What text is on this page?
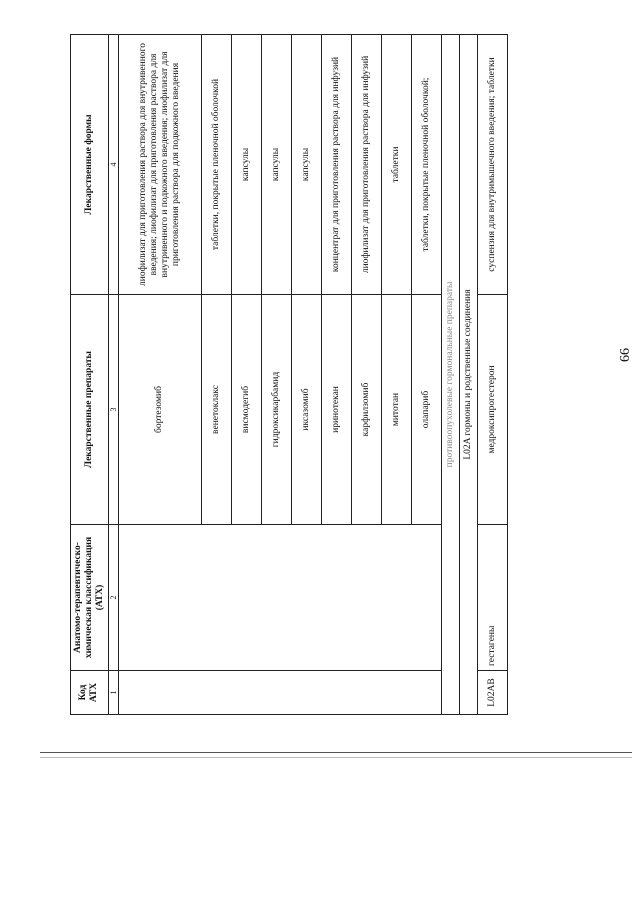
66
Код АТХ	Анатомо-терапевтическо-химическая классификация (АТХ)	Лекарственные препараты	Лекарственные формы
1	2	3	4
		бортезомиб	лиофилизат для приготовления раствора для внутривенного введения; лиофилизат для приготовления раствора для внутривенного и подкожного введения; лиофилизат для приготовления раствора для подкожного введения
		венетоклакс	таблетки, покрытые пленочной оболочкой
		висмодегиб	капсулы
		гидроксикарбамид	капсулы
		иксазомиб	капсулы
		иринотекан	концентрат для приготовления раствора для инфузий
		карфилзомиб	лиофилизат для приготовления раствора для инфузий
		митотан	таблетки
		олапариб	таблетки, покрытые пленочной оболочкой;
противоопухолевые гормональные препараты			
L02A гормоны и родственные соединения			
L02AB	гестагены	медроксипрогестерон	суспензия для внутримышечного введения; таблетки
